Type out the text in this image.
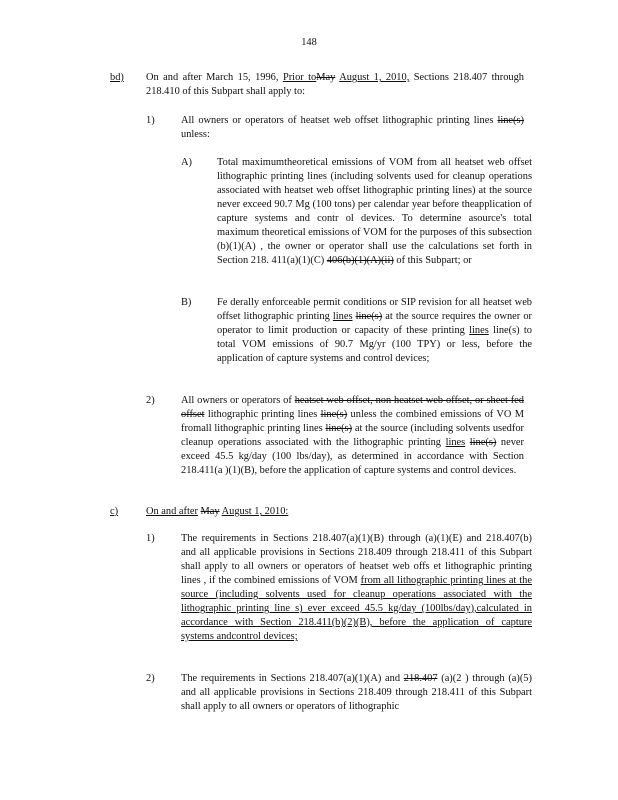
148
bd) On and after March 15, 1996, Prior toMay August 1, 2010, Sections 218.407 through 218.410 of this Subpart shall apply to:
1)	All owners or operators of heatset web offset lithographic printing lines line(s) unless:
A) Total maximumtheoretical emissions of VOM from all heatset web offset lithographic printing lines (including solvents used for cleanup operations associated with heatset web offset lithographic printing lines) at the source never exceed 90.7 Mg (100 tons) per calendar year before theapplication of capture systems and contr ol devices. To determine asource's total maximum theoretical emissions of VOM for the purposes of this subsection (b)(1)(A) , the owner or operator shall use the calculations set forth in Section 218. 411(a)(1)(C) 406(b)(1)(A)(ii) of this Subpart; or
B) Fe derally enforceable permit conditions or SIP revision for all heatset web offset lithographic printing lines line(s) at the source requires the owner or operator to limit production or capacity of these printing lines line(s) to total VOM emissions of 90.7 Mg/yr (100 TPY) or less, before the application of capture systems and control devices;
2)	All owners or operators of heatset web offset, non heatset web offset, or sheet fed offset lithographic printing lines line(s) unless the combined emissions of VO M fromall lithographic printing lines line(s) at the source (including solvents usedfor cleanup operations associated with the lithographic printing lines line(s) never exceed 45.5 kg/day (100 lbs/day), as determined in accordance with Section 218.411(a )(1)(B), before the application of capture systems and control devices.
c)	On and after May August 1, 2010:
1)	The requirements in Sections 218.407(a)(1)(B) through (a)(1)(E) and 218.407(b) and all applicable provisions in Sections 218.409 through 218.411 of this Subpart shall apply to all owners or operators of heatset web offs et lithographic printing lines , if the combined emissions of VOM from all lithographic printing lines at the source (including solvents used for cleanup operations associated with the lithographic printing line s) ever exceed 45.5 kg/day (100lbs/day),calculated in accordance with Section 218.411(b)(2)(B), before the application of capture systems andcontrol devices;
2)	The requirements in Sections 218.407(a)(1)(A) and 218.407 (a)(2 ) through (a)(5) and all applicable provisions in Sections 218.409 through 218.411 of this Subpart shall apply to all owners or operators of lithographic
